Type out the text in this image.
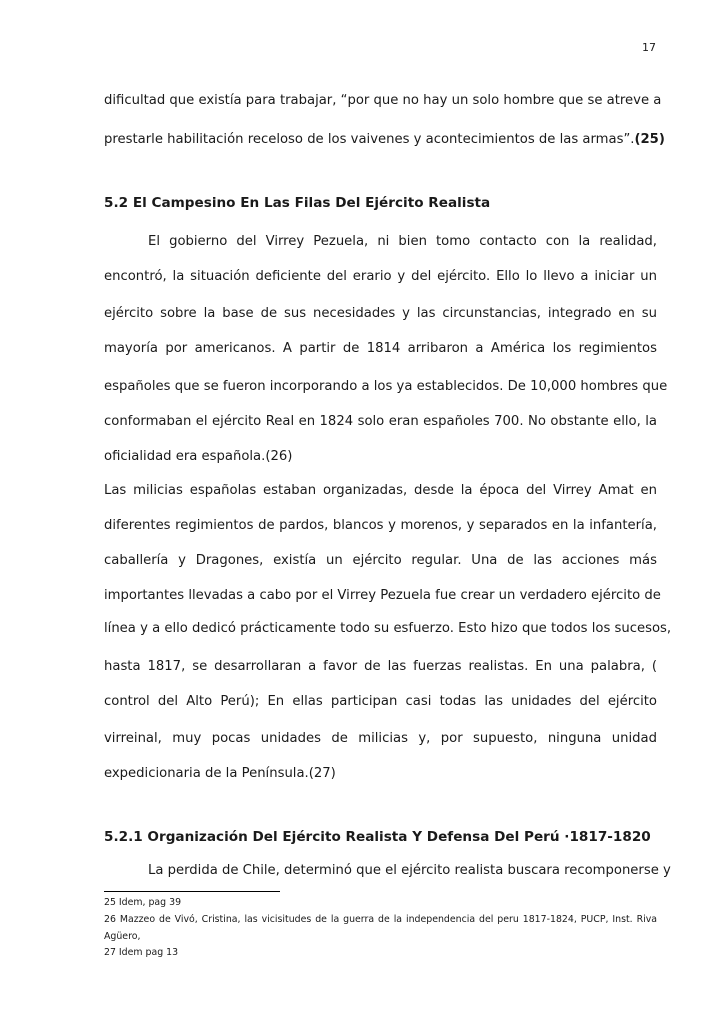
17
dificultad que existía para trabajar, “por que no hay un solo hombre que se atreve a
prestarle habilitación receloso de los vaivenes y acontecimientos de las armas”.(25)
5.2 El Campesino En Las Filas Del Ejército Realista
El gobierno del Virrey Pezuela, ni bien tomo contacto con la realidad,
encontró, la situación deficiente del erario y del ejército. Ello lo llevo a iniciar un
ejército sobre la base de sus necesidades y las circunstancias, integrado en su
mayoría por americanos. A partir de 1814 arribaron a América los regimientos
españoles que se fueron incorporando a los ya establecidos. De 10,000 hombres que
conformaban el ejército Real en 1824 solo eran españoles 700. No obstante ello, la
oficialidad era española.(26)
Las milicias españolas estaban organizadas, desde la época del Virrey Amat en
diferentes regimientos de pardos, blancos y morenos, y separados en la infantería,
caballería y Dragones, existía un ejército regular. Una de las acciones más
importantes llevadas a cabo por el Virrey Pezuela fue crear un verdadero ejército de
línea y a ello dedicó prácticamente todo su esfuerzo. Esto hizo que todos los sucesos,
hasta 1817, se desarrollaran a favor de las fuerzas realistas. En una palabra, (
control del Alto Perú); En ellas participan casi todas las unidades del ejército
virreinal, muy pocas unidades de milicias y, por supuesto, ninguna unidad
expedicionaria de la Península.(27)
5.2.1 Organización Del Ejército Realista Y Defensa Del Perú ·1817-1820
La perdida de Chile, determinó que el ejército realista buscara recomponerse y
25 Idem, pag 39
26 Mazzeo de Vivó, Cristina, las vicisitudes de la guerra de la independencia del peru 1817-1824, PUCP, Inst. Riva
Agüero,
27 Idem pag 13
